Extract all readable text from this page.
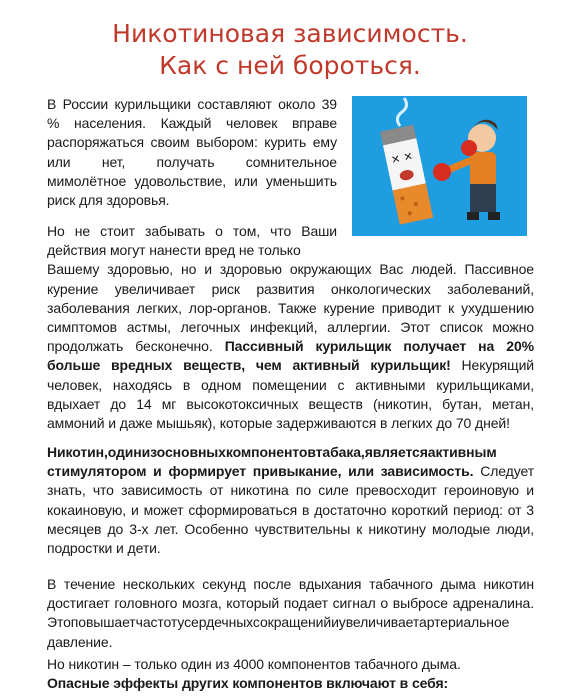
Никотиновая зависимость.
Как с ней бороться.
✕ ✕
В России курильщики составляют около 39 % населения. Каждый человек вправе распоряжаться своим выбором: курить ему или нет, получать сомнительное мимолётное удовольствие, или уменьшить риск для здоровья.
Но не стоит забывать о том, что Ваши действия могут нанести вред не только
Вашему здоровью, но и здоровью окружающих Вас людей. Пассивное курение увеличивает риск развития онкологических заболеваний, заболевания легких, лор-органов. Также курение приводит к ухудшению симптомов астмы, легочных инфекций, аллергии. Этот список можно продолжать бесконечно. Пассивный курильщик получает на 20% больше вредных веществ, чем активный курильщик! Некурящий человек, находясь в одном помещении с активными курильщиками, вдыхает до 14 мг высокотоксичных веществ (никотин, бутан, метан, аммоний и даже мышьяк), которые задерживаются в легких до 70 дней!
Никотин,одинизосновныхкомпонентовтабака,являетсяактивным стимулятором и формирует привыкание, или зависимость. Следует знать, что зависимость от никотина по силе превосходит героиновую и кокаиновую, и может сформироваться в достаточно короткий период: от 3 месяцев до 3-х лет. Особенно чувствительны к никотину молодые люди, подростки и дети.
В течение нескольких секунд после вдыхания табачного дыма никотин достигает головного мозга, который подает сигнал о выбросе адреналина. Этоповышаетчастотусердечныхсокращенийиувеличиваетартериальное давление.
Но никотин – только один из 4000 компонентов табачного дыма.
Опасные эффекты других компонентов включают в себя:
